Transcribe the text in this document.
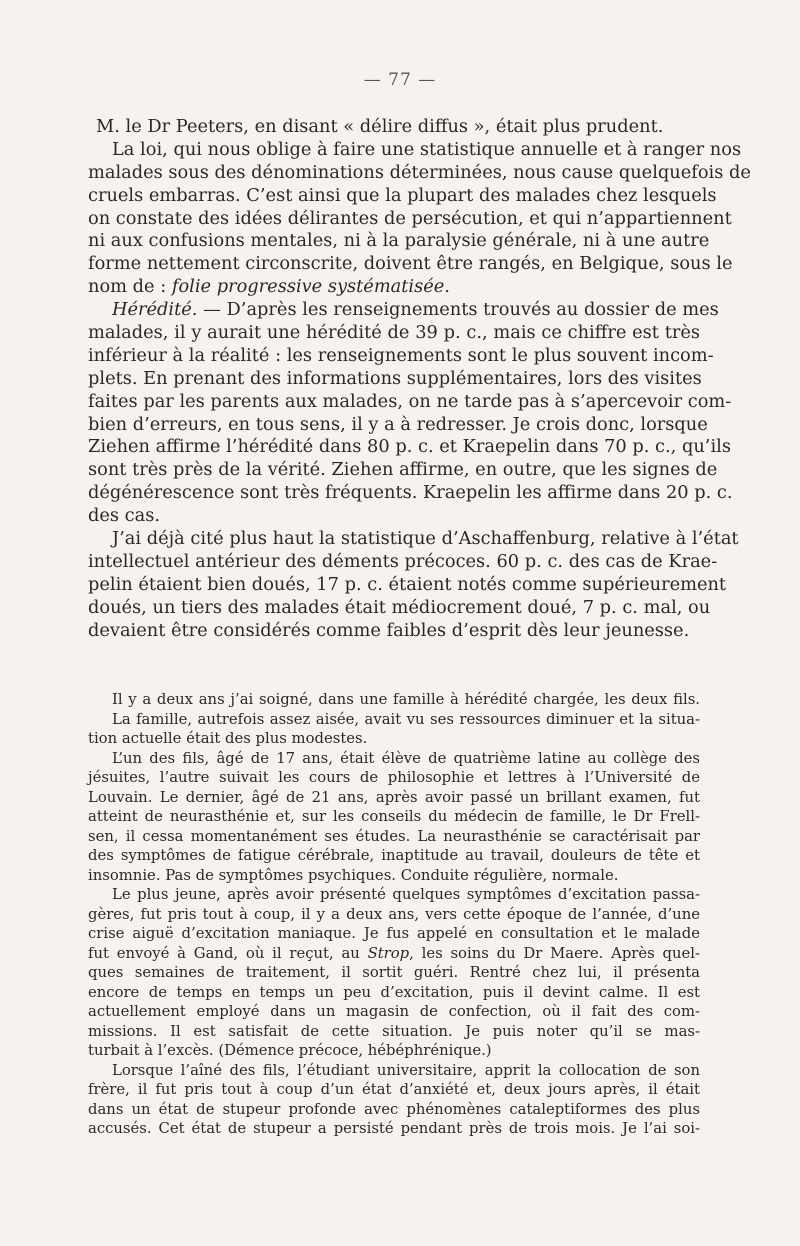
— 77 —
M. le Dr Peeters, en disant « délire diffus », était plus prudent.
La loi, qui nous oblige à faire une statistique annuelle et à ranger nos
malades sous des dénominations déterminées, nous cause quelquefois de
cruels embarras. C’est ainsi que la plupart des malades chez lesquels
on constate des idées délirantes de persécution, et qui n’appartiennent
ni aux confusions mentales, ni à la paralysie générale, ni à une autre
forme nettement circonscrite, doivent être rangés, en Belgique, sous le
nom de : folie progressive systématisée.
Hérédité. — D’après les renseignements trouvés au dossier de mes
malades, il y aurait une hérédité de 39 p. c., mais ce chiffre est très
inférieur à la réalité : les renseignements sont le plus souvent incom-
plets. En prenant des informations supplémentaires, lors des visites
faites par les parents aux malades, on ne tarde pas à s’apercevoir com-
bien d’erreurs, en tous sens, il y a à redresser. Je crois donc, lorsque
Ziehen affirme l’hérédité dans 80 p. c. et Kraepelin dans 70 p. c., qu’ils
sont très près de la vérité. Ziehen affirme, en outre, que les signes de
dégénérescence sont très fréquents. Kraepelin les affirme dans 20 p. c.
des cas.
J’ai déjà cité plus haut la statistique d’Aschaffenburg, relative à l’état
intellectuel antérieur des déments précoces. 60 p. c. des cas de Krae-
pelin étaient bien doués, 17 p. c. étaient notés comme supérieurement
doués, un tiers des malades était médiocrement doué, 7 p. c. mal, ou
devaient être considérés comme faibles d’esprit dès leur jeunesse.
Il y a deux ans j’ai soigné, dans une famille à hérédité chargée, les deux fils.
La famille, autrefois assez aisée, avait vu ses ressources diminuer et la situa-
tion actuelle était des plus modestes.
L’un des fils, âgé de 17 ans, était élève de quatrième latine au collège des
jésuites, l’autre suivait les cours de philosophie et lettres à l’Université de
Louvain. Le dernier, âgé de 21 ans, après avoir passé un brillant examen, fut
atteint de neurasthénie et, sur les conseils du médecin de famille, le Dr Frell-
sen, il cessa momentanément ses études. La neurasthénie se caractérisait par
des symptômes de fatigue cérébrale, inaptitude au travail, douleurs de tête et
insomnie. Pas de symptômes psychiques. Conduite régulière, normale.
Le plus jeune, après avoir présenté quelques symptômes d’excitation passa-
gères, fut pris tout à coup, il y a deux ans, vers cette époque de l’année, d’une
crise aiguë d’excitation maniaque. Je fus appelé en consultation et le malade
fut envoyé à Gand, où il reçut, au Strop, les soins du Dr Maere. Après quel-
ques semaines de traitement, il sortit guéri. Rentré chez lui, il présenta
encore de temps en temps un peu d’excitation, puis il devint calme. Il est
actuellement employé dans un magasin de confection, où il fait des com-
missions. Il est satisfait de cette situation. Je puis noter qu’il se mas-
turbait à l’excès. (Démence précoce, hébéphrénique.)
Lorsque l’aîné des fils, l’étudiant universitaire, apprit la collocation de son
frère, il fut pris tout à coup d’un état d’anxiété et, deux jours après, il était
dans un état de stupeur profonde avec phénomènes cataleptiformes des plus
accusés. Cet état de stupeur a persisté pendant près de trois mois. Je l’ai soi-
